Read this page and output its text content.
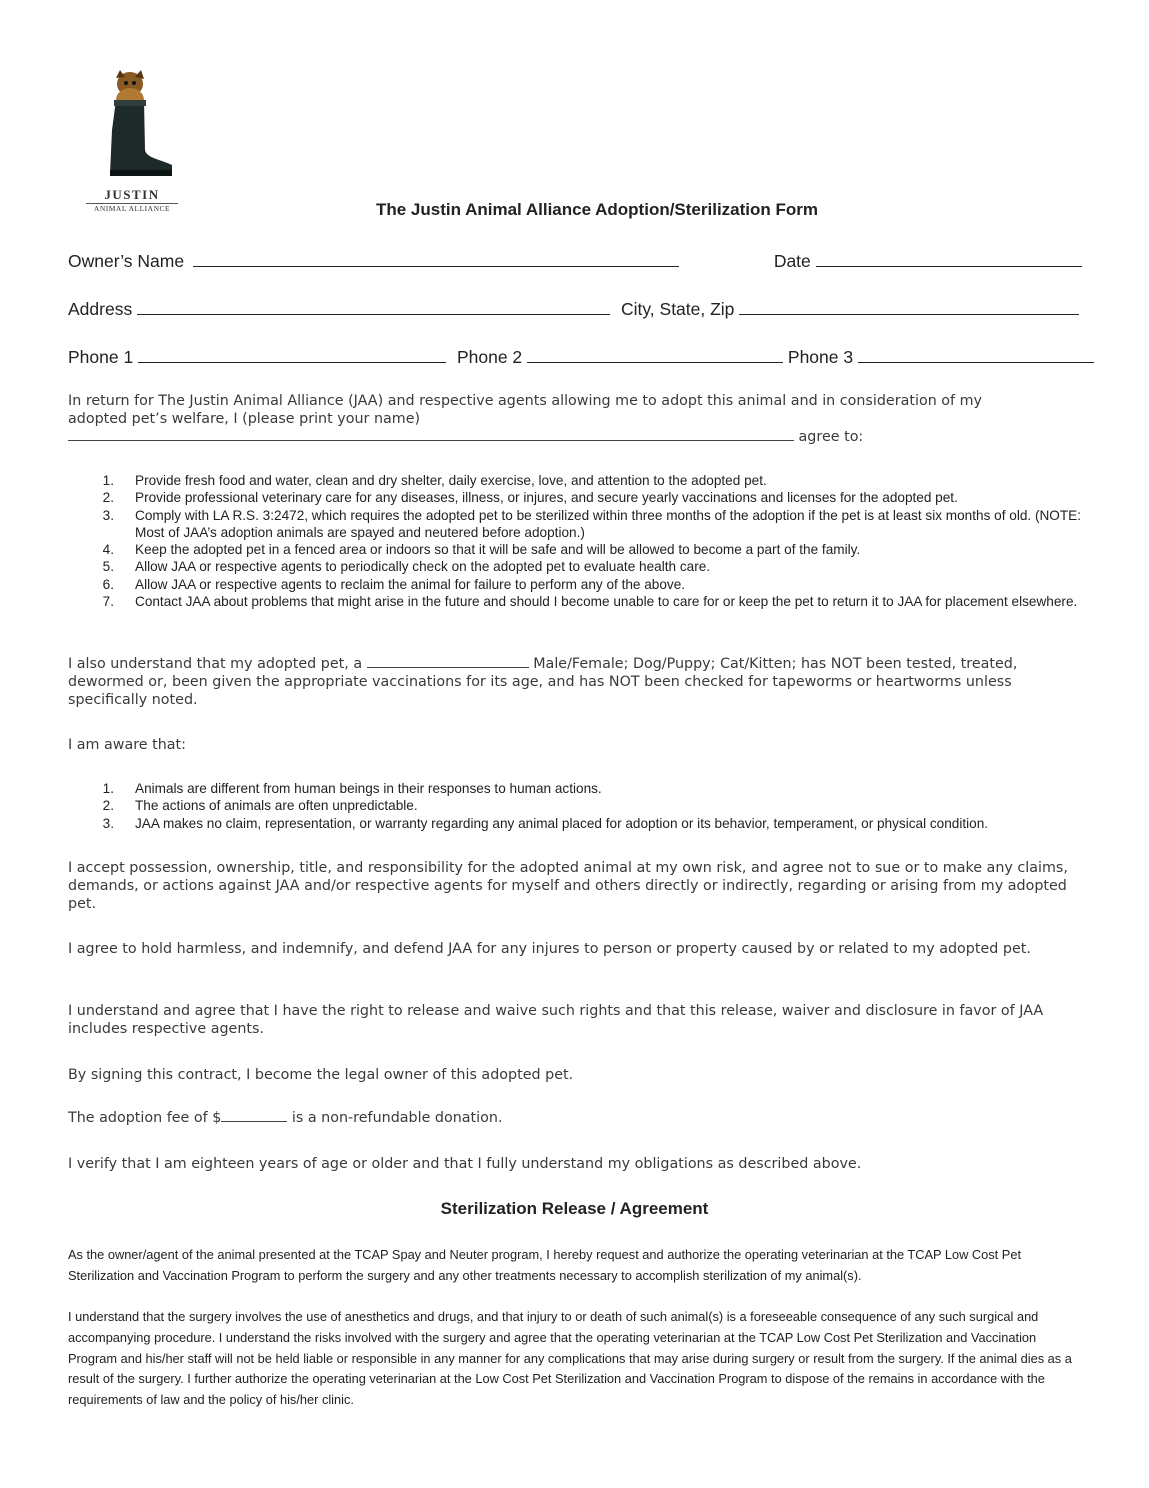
JUSTIN
ANIMAL ALLIANCE	The Justin Animal Alliance Adoption/Sterilization Form
Owner’s Name	Date
Address	City, State, Zip
Phone 1	Phone 2	Phone 3
In return for The Justin Animal Alliance (JAA) and respective agents allowing me to adopt this animal and in consideration of my
adopted pet’s welfare, I (please print your name)
agree to:
1. Provide fresh food and water, clean and dry shelter, daily exercise, love, and attention to the adopted pet.
2. Provide professional veterinary care for any diseases, illness, or injures, and secure yearly vaccinations and licenses for the adopted pet.
3. Comply with LA R.S. 3:2472, which requires the adopted pet to be sterilized within three months of the adoption if the pet is at least six months of old. (NOTE: Most of JAA’s adoption animals are spayed and neutered before adoption.)
4. Keep the adopted pet in a fenced area or indoors so that it will be safe and will be allowed to become a part of the family.
5. Allow JAA or respective agents to periodically check on the adopted pet to evaluate health care.
6. Allow JAA or respective agents to reclaim the animal for failure to perform any of the above.
7. Contact JAA about problems that might arise in the future and should I become unable to care for or keep the pet to return it to JAA for placement elsewhere.
I also understand that my adopted pet, a	Male/Female; Dog/Puppy; Cat/Kitten; has NOT been tested, treated, dewormed or, been given the appropriate vaccinations for its age, and has NOT been checked for tapeworms or heartworms unless specifically noted.
I am aware that:
1. Animals are different from human beings in their responses to human actions.
2. The actions of animals are often unpredictable.
3. JAA makes no claim, representation, or warranty regarding any animal placed for adoption or its behavior, temperament, or physical condition.
I accept possession, ownership, title, and responsibility for the adopted animal at my own risk, and agree not to sue or to make any claims, demands, or actions against JAA and/or respective agents for myself and others directly or indirectly, regarding or arising from my adopted pet.
I agree to hold harmless, and indemnify, and defend JAA for any injures to person or property caused by or related to my adopted pet.
I understand and agree that I have the right to release and waive such rights and that this release, waiver and disclosure in favor of JAA includes respective agents.
By signing this contract, I become the legal owner of this adopted pet.
The adoption fee of $	is a non-refundable donation.
I verify that I am eighteen years of age or older and that I fully understand my obligations as described above.
Sterilization Release / Agreement
As the owner/agent of the animal presented at the TCAP Spay and Neuter program, I hereby request and authorize the operating veterinarian at the TCAP Low Cost Pet Sterilization and Vaccination Program to perform the surgery and any other treatments necessary to accomplish sterilization of my animal(s).
I understand that the surgery involves the use of anesthetics and drugs, and that injury to or death of such animal(s) is a foreseeable consequence of any such surgical and accompanying procedure. I understand the risks involved with the surgery and agree that the operating veterinarian at the TCAP Low Cost Pet Sterilization and Vaccination Program and his/her staff will not be held liable or responsible in any manner for any complications that may arise during surgery or result from the surgery. If the animal dies as a result of the surgery. I further authorize the operating veterinarian at the Low Cost Pet Sterilization and Vaccination Program to dispose of the remains in accordance with the requirements of law and the policy of his/her clinic.
